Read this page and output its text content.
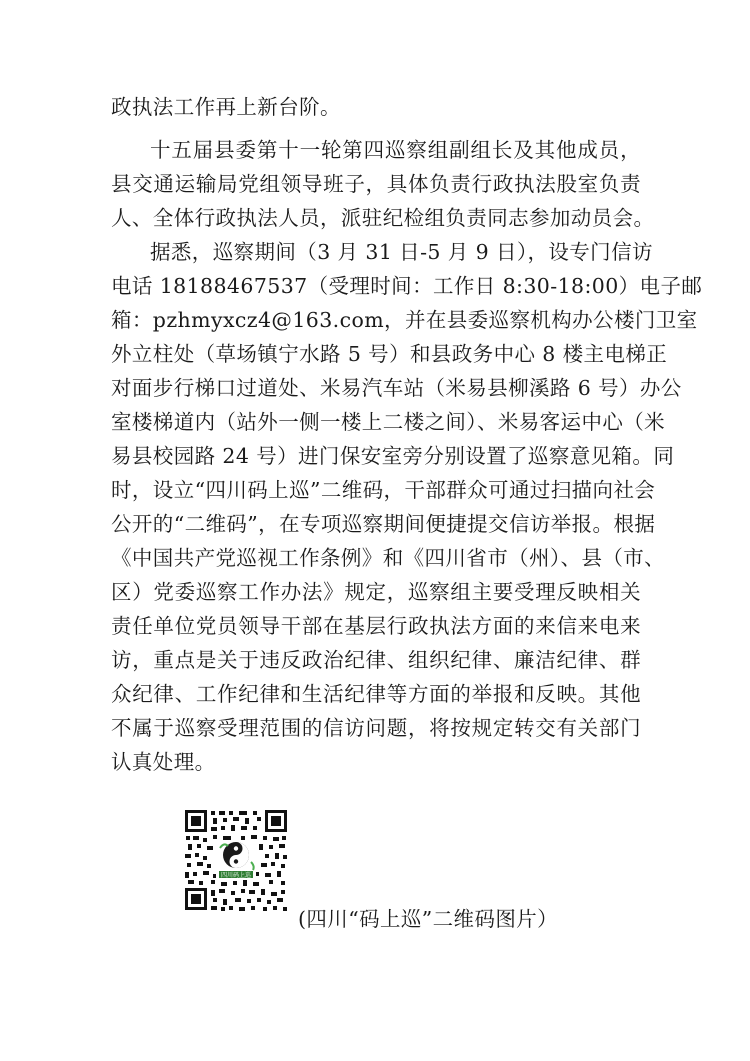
政执法工作再上新台阶。
十五届县委第十一轮第四巡察组副组长及其他成员，
县交通运输局党组领导班子，具体负责行政执法股室负责
人、全体行政执法人员，派驻纪检组负责同志参加动员会。
据悉，巡察期间（3 月 31 日-5 月 9 日），设专门信访
电话 18188467537（受理时间：工作日 8:30-18:00）电子邮
箱：pzhmyxcz4@163.com，并在县委巡察机构办公楼门卫室
外立柱处（草场镇宁水路 5 号）和县政务中心 8 楼主电梯正
对面步行梯口过道处、米易汽车站（米易县柳溪路 6 号）办公
室楼梯道内（站外一侧一楼上二楼之间）、米易客运中心（米
易县校园路 24 号）进门保安室旁分别设置了巡察意见箱。同
时，设立“四川码上巡”二维码，干部群众可通过扫描向社会
公开的“二维码”，在专项巡察期间便捷提交信访举报。根据
《中国共产党巡视工作条例》和《四川省市（州）、县（市、
区）党委巡察工作办法》规定，巡察组主要受理反映相关
责任单位党员领导干部在基层行政执法方面的来信来电来
访，重点是关于违反政治纪律、组织纪律、廉洁纪律、群
众纪律、工作纪律和生活纪律等方面的举报和反映。其他
不属于巡察受理范围的信访问题，将按规定转交有关部门
认真处理。
四川码上巡
(四川“码上巡”二维码图片）
